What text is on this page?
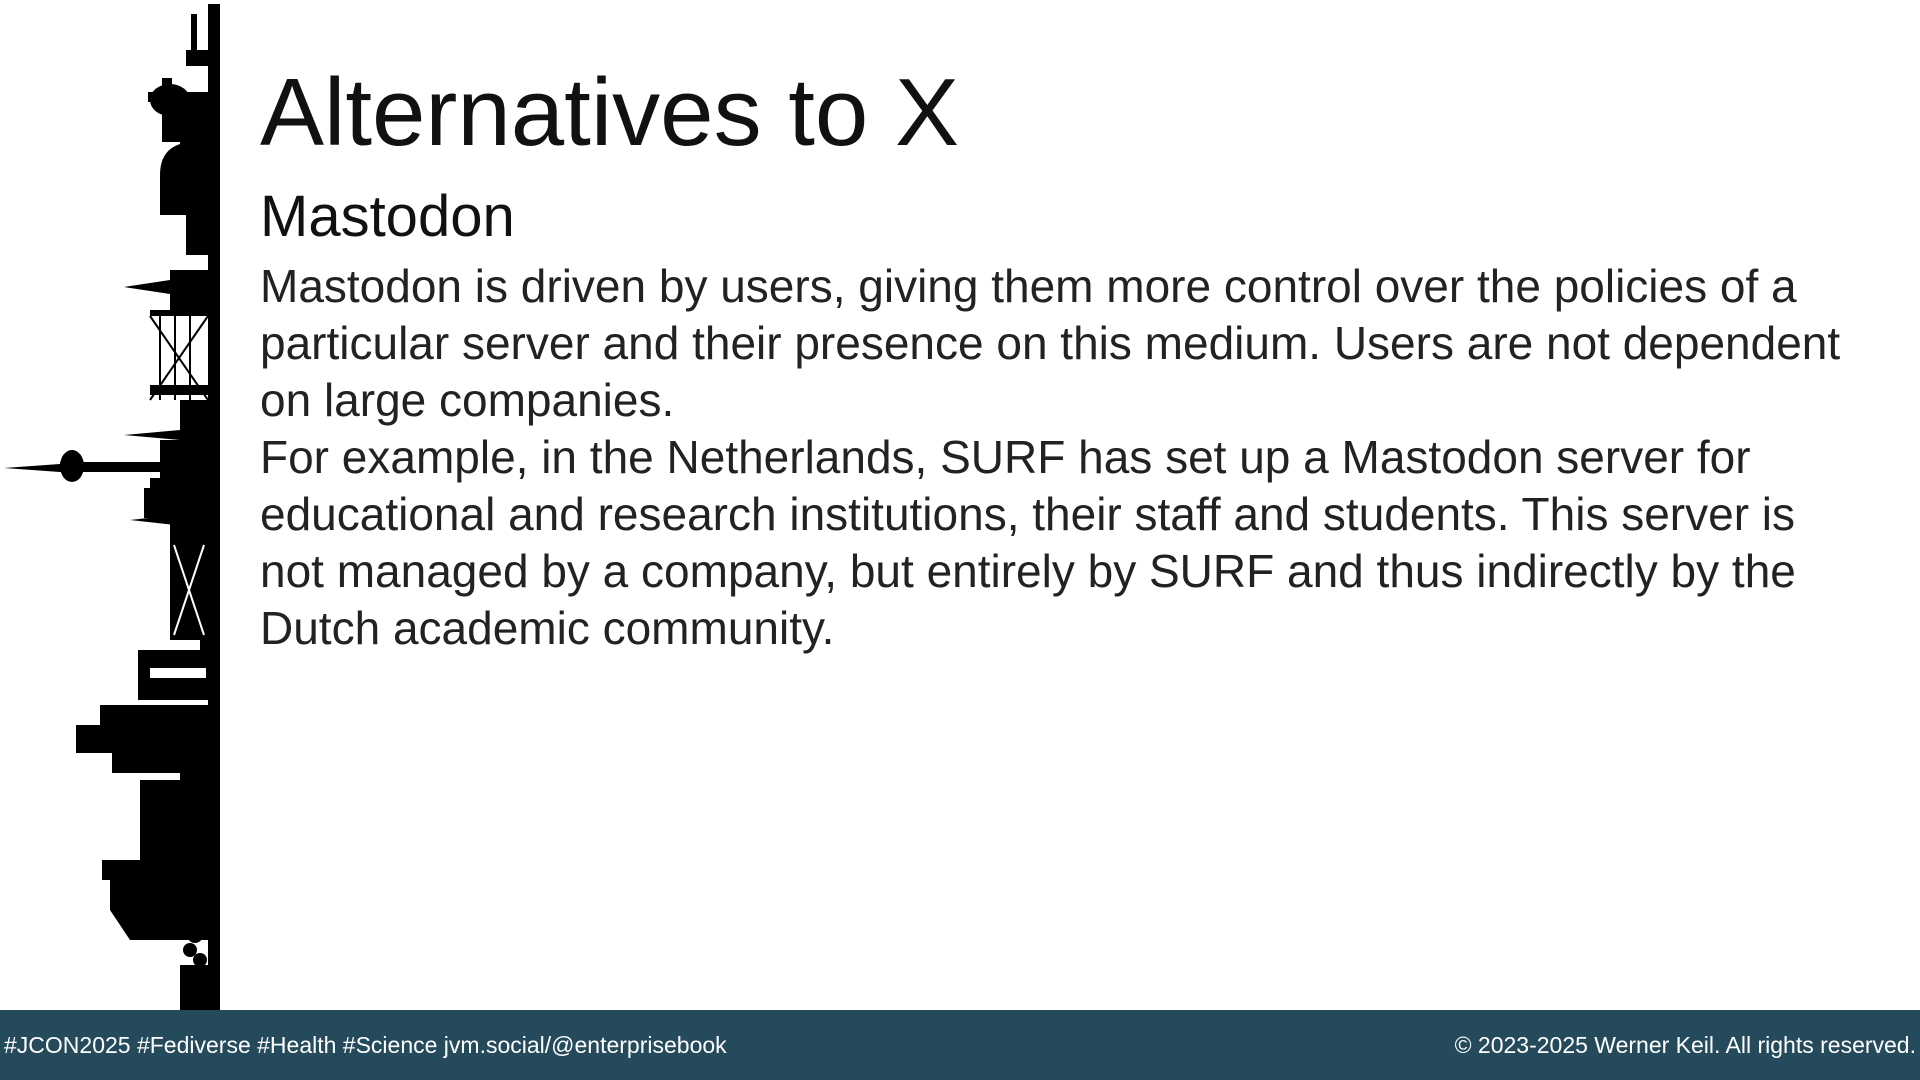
Alternatives to X
Mastodon

Mastodon is driven by users, giving them more control over the policies of a particular server and their presence on this medium. Users are not dependent on large companies.

For example, in the Netherlands, SURF has set up a Mastodon server for educational and research institutions, their staff and students. This server is not managed by a company, but entirely by SURF and thus indirectly by the Dutch academic community.

#JCON2025 #Fediverse #Health #Science jvm.social/@enterprisebook	© 2023-2025 Werner Keil. All rights reserved.
